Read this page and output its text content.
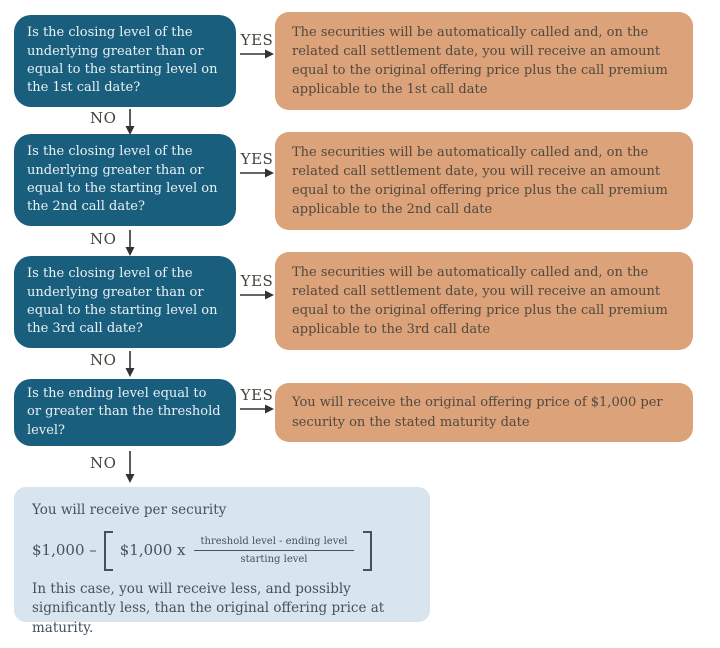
Is the closing level of the underlying greater than or equal to the starting level on the 1st call date?
YES The securities will be automatically called and, on the related call settlement date, you will receive an amount equal to the original offering price plus the call premium applicable to the 1st call date
NO
Is the closing level of the underlying greater than or equal to the starting level on the 2nd call date?
YES The securities will be automatically called and, on the related call settlement date, you will receive an amount equal to the original offering price plus the call premium applicable to the 2nd call date
NO
Is the closing level of the underlying greater than or equal to the starting level on the 3rd call date?
YES The securities will be automatically called and, on the related call settlement date, you will receive an amount equal to the original offering price plus the call premium applicable to the 3rd call date
NO
Is the ending level equal to or greater than the threshold level?
YES You will receive the original offering price of $1,000 per security on the stated maturity date
NO
You will receive per security
$1,000 – $1,000 x $\frac{\text{threshold level - ending level}}{\text{starting level}}$
In this case, you will receive less, and possibly significantly less, than the original offering price at maturity.
